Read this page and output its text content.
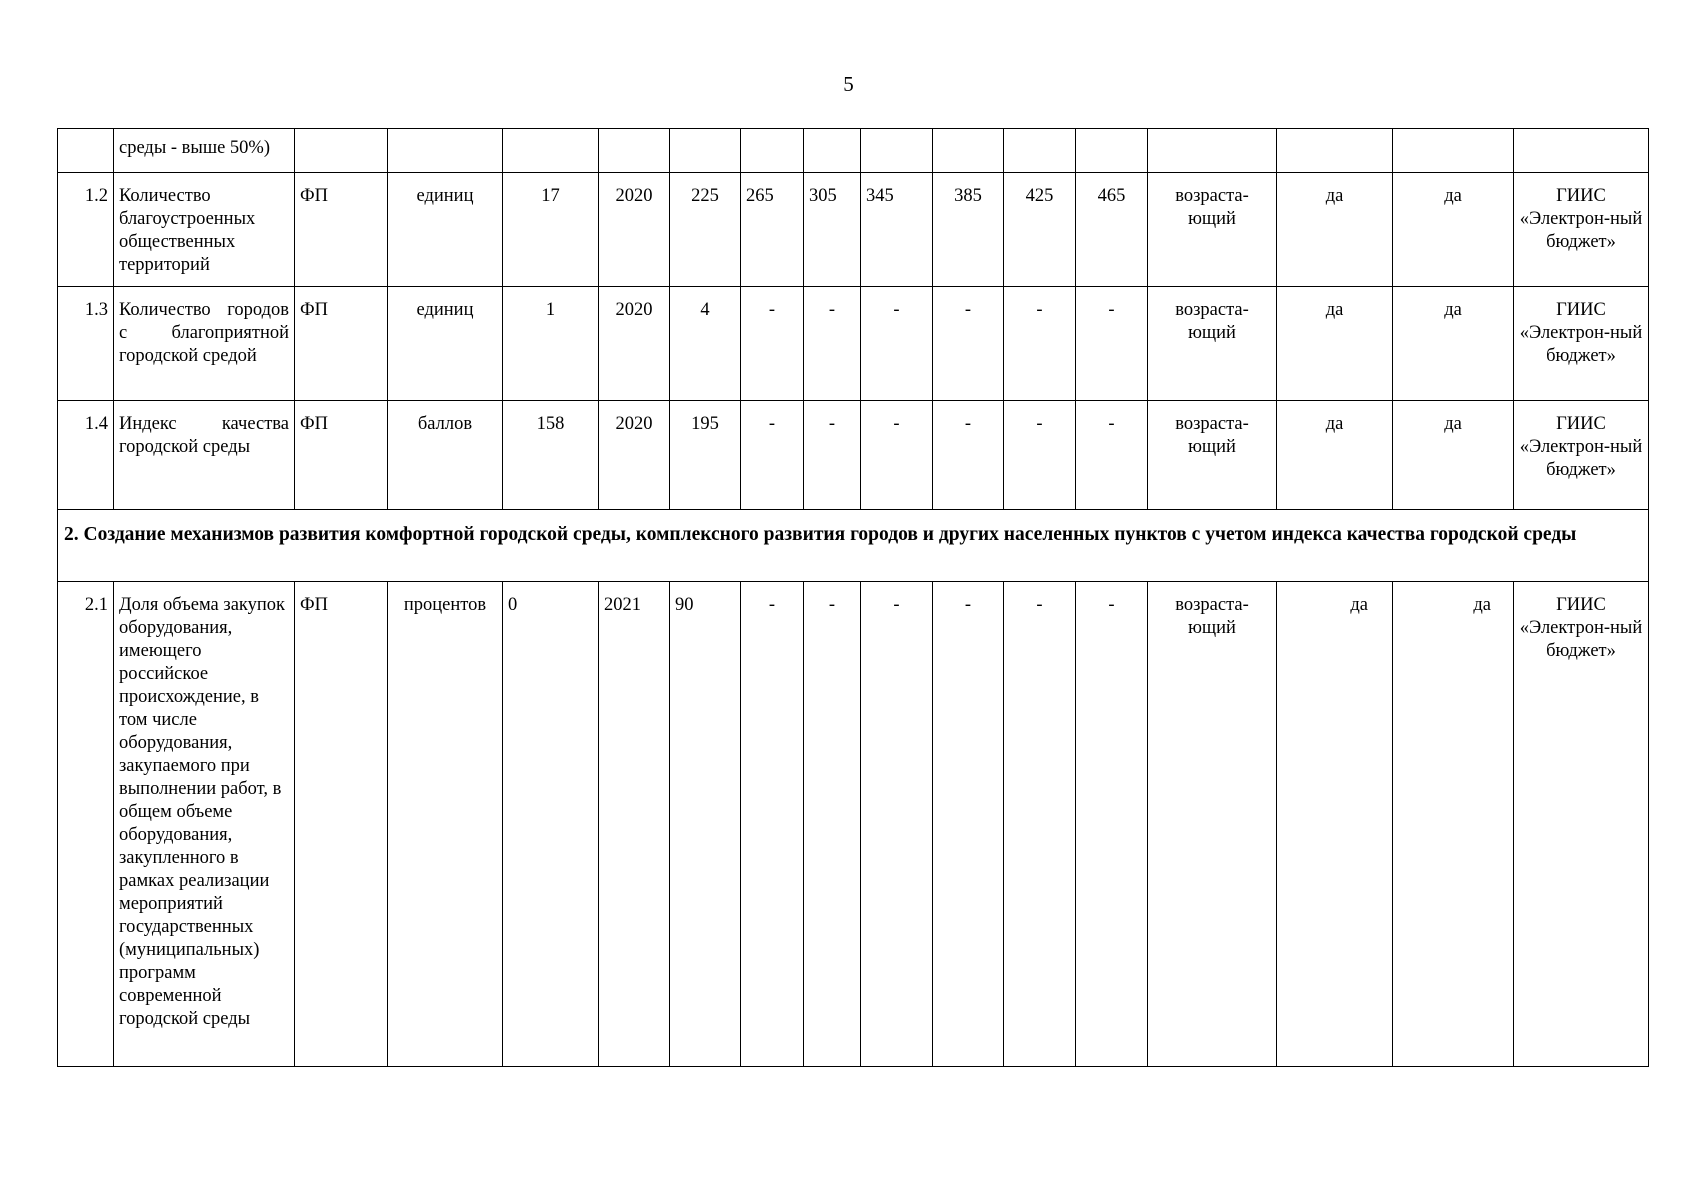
5
	среды - выше 50%)															
1.2	Количество благоустроенных общественных территорий	ФП	единиц	17	2020	225	265	305	345	385	425	465	возраста-ющий	да	да	ГИИС «Электрон-ный бюджет»
1.3	Количество городов с благоприятной городской средой	ФП	единиц	1	2020	4	-	-	-	-	-	-	возраста-ющий	да	да	ГИИС «Электрон-ный бюджет»
1.4	Индекс качества городской среды	ФП	баллов	158	2020	195	-	-	-	-	-	-	возраста-ющий	да	да	ГИИС «Электрон-ный бюджет»
2. Создание механизмов развития комфортной городской среды, комплексного развития городов и других населенных пунктов с учетом индекса качества городской среды																
2.1	Доля объема закупок оборудования, имеющего российское происхождение, в том числе оборудования, закупаемого при выполнении работ, в общем объеме оборудования, закупленного в рамках реализации мероприятий государственных (муниципальных) программ современной городской среды	ФП	процентов	0	2021	90	-	-	-	-	-	-	возраста-ющий	да	да	ГИИС «Электрон-ный бюджет»
